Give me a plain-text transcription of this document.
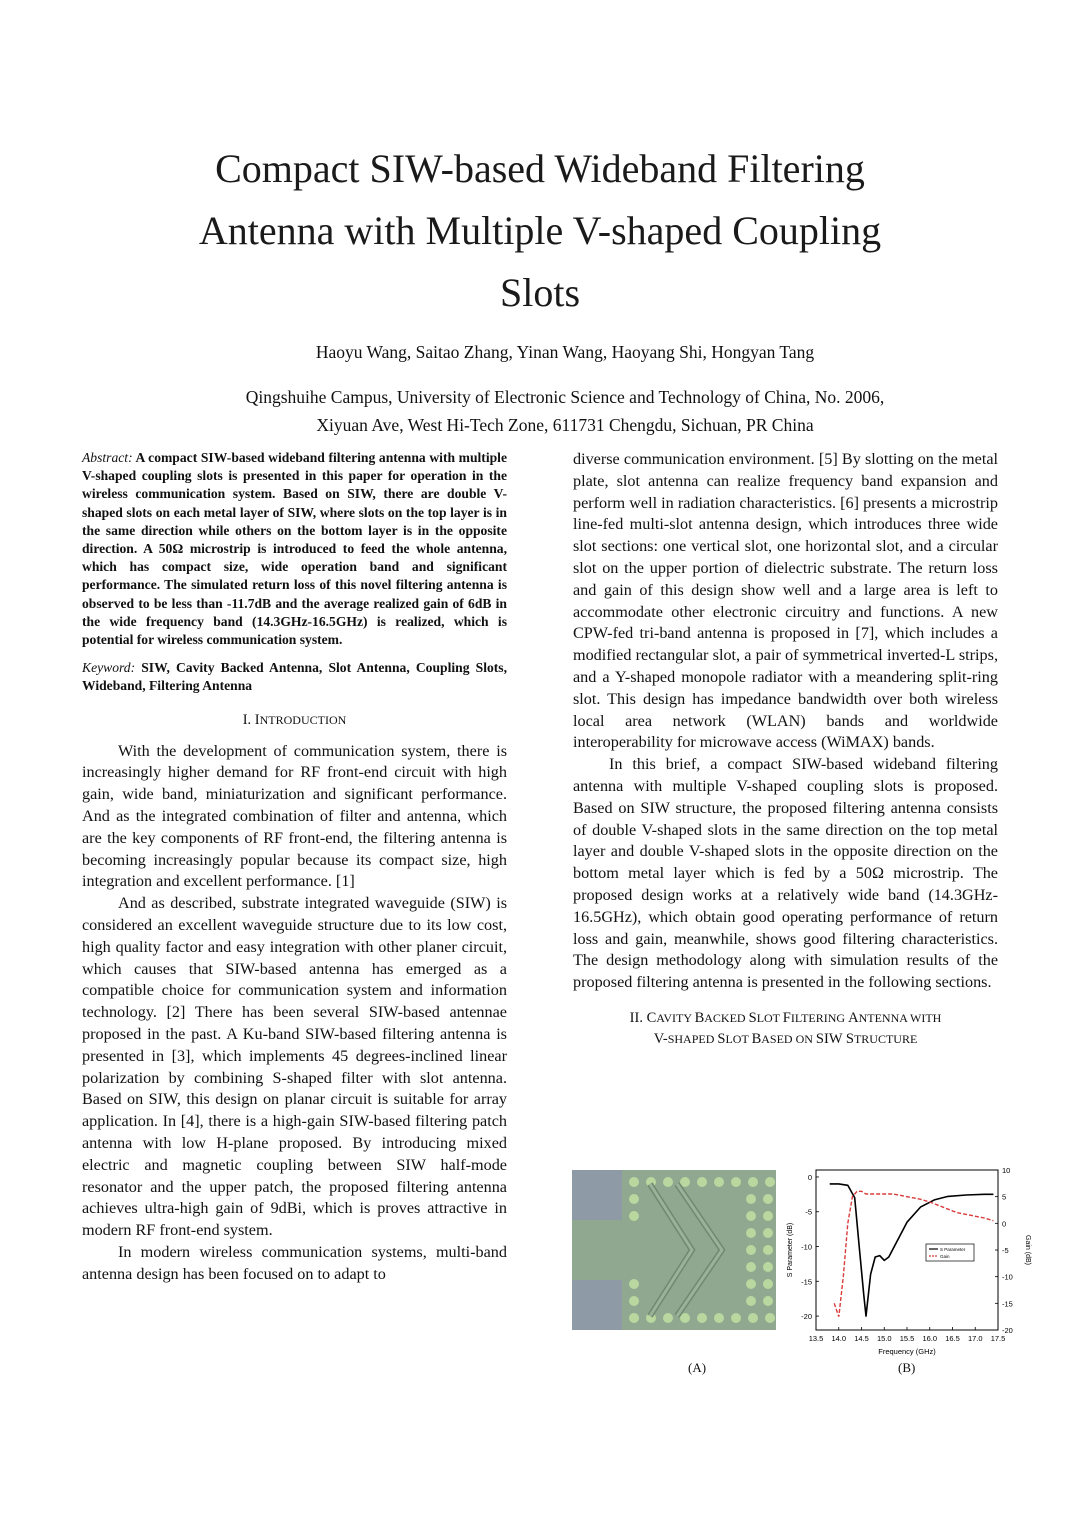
Compact SIW-based Wideband Filtering
Antenna with Multiple V-shaped Coupling
Slots
Haoyu Wang, Saitao Zhang, Yinan Wang, Haoyang Shi, Hongyan Tang
Qingshuihe Campus, University of Electronic Science and Technology of China, No. 2006,
Xiyuan Ave, West Hi-Tech Zone, 611731 Chengdu, Sichuan, PR China

Abstract: A compact SIW-based wideband filtering antenna with multiple V-shaped coupling slots is presented in this paper for operation in the wireless communication system. Based on SIW, there are double V-shaped slots on each metal layer of SIW, where slots on the top layer is in the same direction while others on the bottom layer is in the opposite direction. A 50Ω microstrip is introduced to feed the whole antenna, which has compact size, wide operation band and significant performance. The simulated return loss of this novel filtering antenna is observed to be less than -11.7dB and the average realized gain of 6dB in the wide frequency band (14.3GHz-16.5GHz) is realized, which is potential for wireless communication system.

Keyword: SIW, Cavity Backed Antenna, Slot Antenna, Coupling Slots, Wideband, Filtering Antenna

I. INTRODUCTION

With the development of communication system, there is increasingly higher demand for RF front-end circuit with high gain, wide band, miniaturization and significant performance. And as the integrated combination of filter and antenna, which are the key components of RF front-end, the filtering antenna is becoming increasingly popular because its compact size, high integration and excellent performance. [1]

And as described, substrate integrated waveguide (SIW) is considered an excellent waveguide structure due to its low cost, high quality factor and easy integration with other planer circuit, which causes that SIW-based antenna has emerged as a compatible choice for communication system and information technology. [2] There has been several SIW-based antennae proposed in the past. A Ku-band SIW-based filtering antenna is presented in [3], which implements 45 degrees-inclined linear polarization by combining S-shaped filter with slot antenna. Based on SIW, this design on planar circuit is suitable for array application. In [4], there is a high-gain SIW-based filtering patch antenna with low H-plane proposed. By introducing mixed electric and magnetic coupling between SIW half-mode resonator and the upper patch, the proposed filtering antenna achieves ultra-high gain of 9dBi, which is proves attractive in modern RF front-end system.

In modern wireless communication systems, multi-band antenna design has been focused on to adapt to

diverse communication environment. [5] By slotting on the metal plate, slot antenna can realize frequency band expansion and perform well in radiation characteristics. [6] presents a microstrip line-fed multi-slot antenna design, which introduces three wide slot sections: one vertical slot, one horizontal slot, and a circular slot on the upper portion of dielectric substrate. The return loss and gain of this design show well and a large area is left to accommodate other electronic circuitry and functions. A new CPW-fed tri-band antenna is proposed in [7], which includes a modified rectangular slot, a pair of symmetrical inverted-L strips, and a Y-shaped monopole radiator with a meandering split-ring slot. This design has impedance bandwidth over both wireless local area network (WLAN) bands and worldwide interoperability for microwave access (WiMAX) bands.

In this brief, a compact SIW-based wideband filtering antenna with multiple V-shaped coupling slots is proposed. Based on SIW structure, the proposed filtering antenna consists of double V-shaped slots in the same direction on the top metal layer and double V-shaped slots in the opposite direction on the bottom metal layer which is fed by a 50Ω microstrip. The proposed design works at a relatively wide band (14.3GHz-16.5GHz), which obtain good operating performance of return loss and gain, meanwhile, shows good filtering characteristics. The design methodology along with simulation results of the proposed filtering antenna is presented in the following sections.

II. CAVITY BACKED SLOT FILTERING ANTENNA WITH
V-SHAPED SLOT BASED ON SIW STRUCTURE
13.5 14.0 14.5 15.0 15.5 16.0 16.5 17.0 17.5
0
-5
-10
-15
-20
10
5
0
-5
-10
-15
-20
Frequency (GHz)
S Parameter (dB)	Gain (dB)
S Parameter
Gain
(A)	(B)
